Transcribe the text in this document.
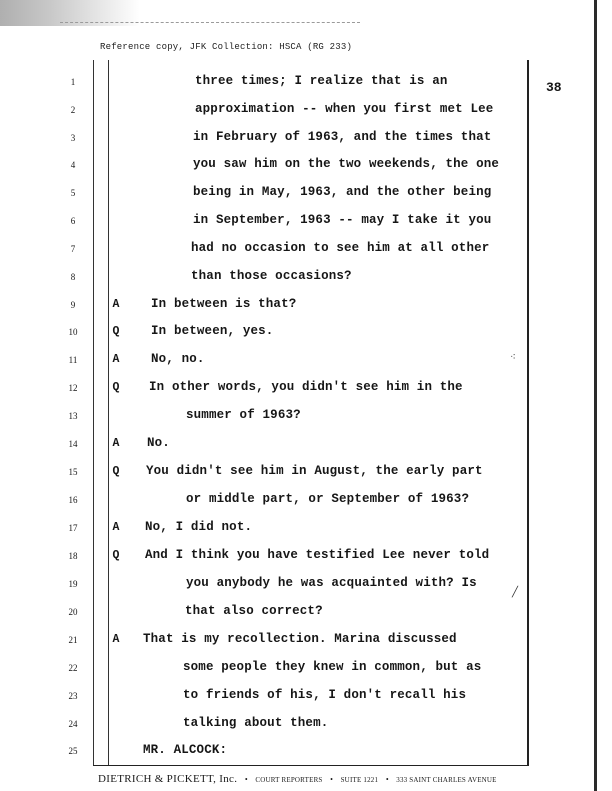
Reference copy, JFK Collection: HSCA (RG 233)
38
1	three times; I realize that is an
2	approximation -- when you first met Lee
3	in February of 1963, and the times that
4	you saw him on the two weekends, the one
5	being in May, 1963, and the other being
6	in September, 1963 -- may I take it you
7	had no occasion to see him at all other
8	than those occasions?
9	A	In between is that?
10	Q	In between, yes.
11	A	No, no.
12	Q	In other words, you didn't see him in the
13	summer of 1963?
14	A	No.
15	Q	You didn't see him in August, the early part
16	or middle part, or September of 1963?
17	A	No, I did not.
18	Q	And I think you have testified Lee never told
19	you anybody he was acquainted with? Is
20	that also correct?
21	A	That is my recollection. Marina discussed
22	some people they knew in common, but as
23	to friends of his, I don't recall his
24	talking about them.
25	MR. ALCOCK:
⁖
╱
DIETRICH & PICKETT, Inc. • COURT REPORTERS • SUITE 1221 • 333 SAINT CHARLES AVENUE
